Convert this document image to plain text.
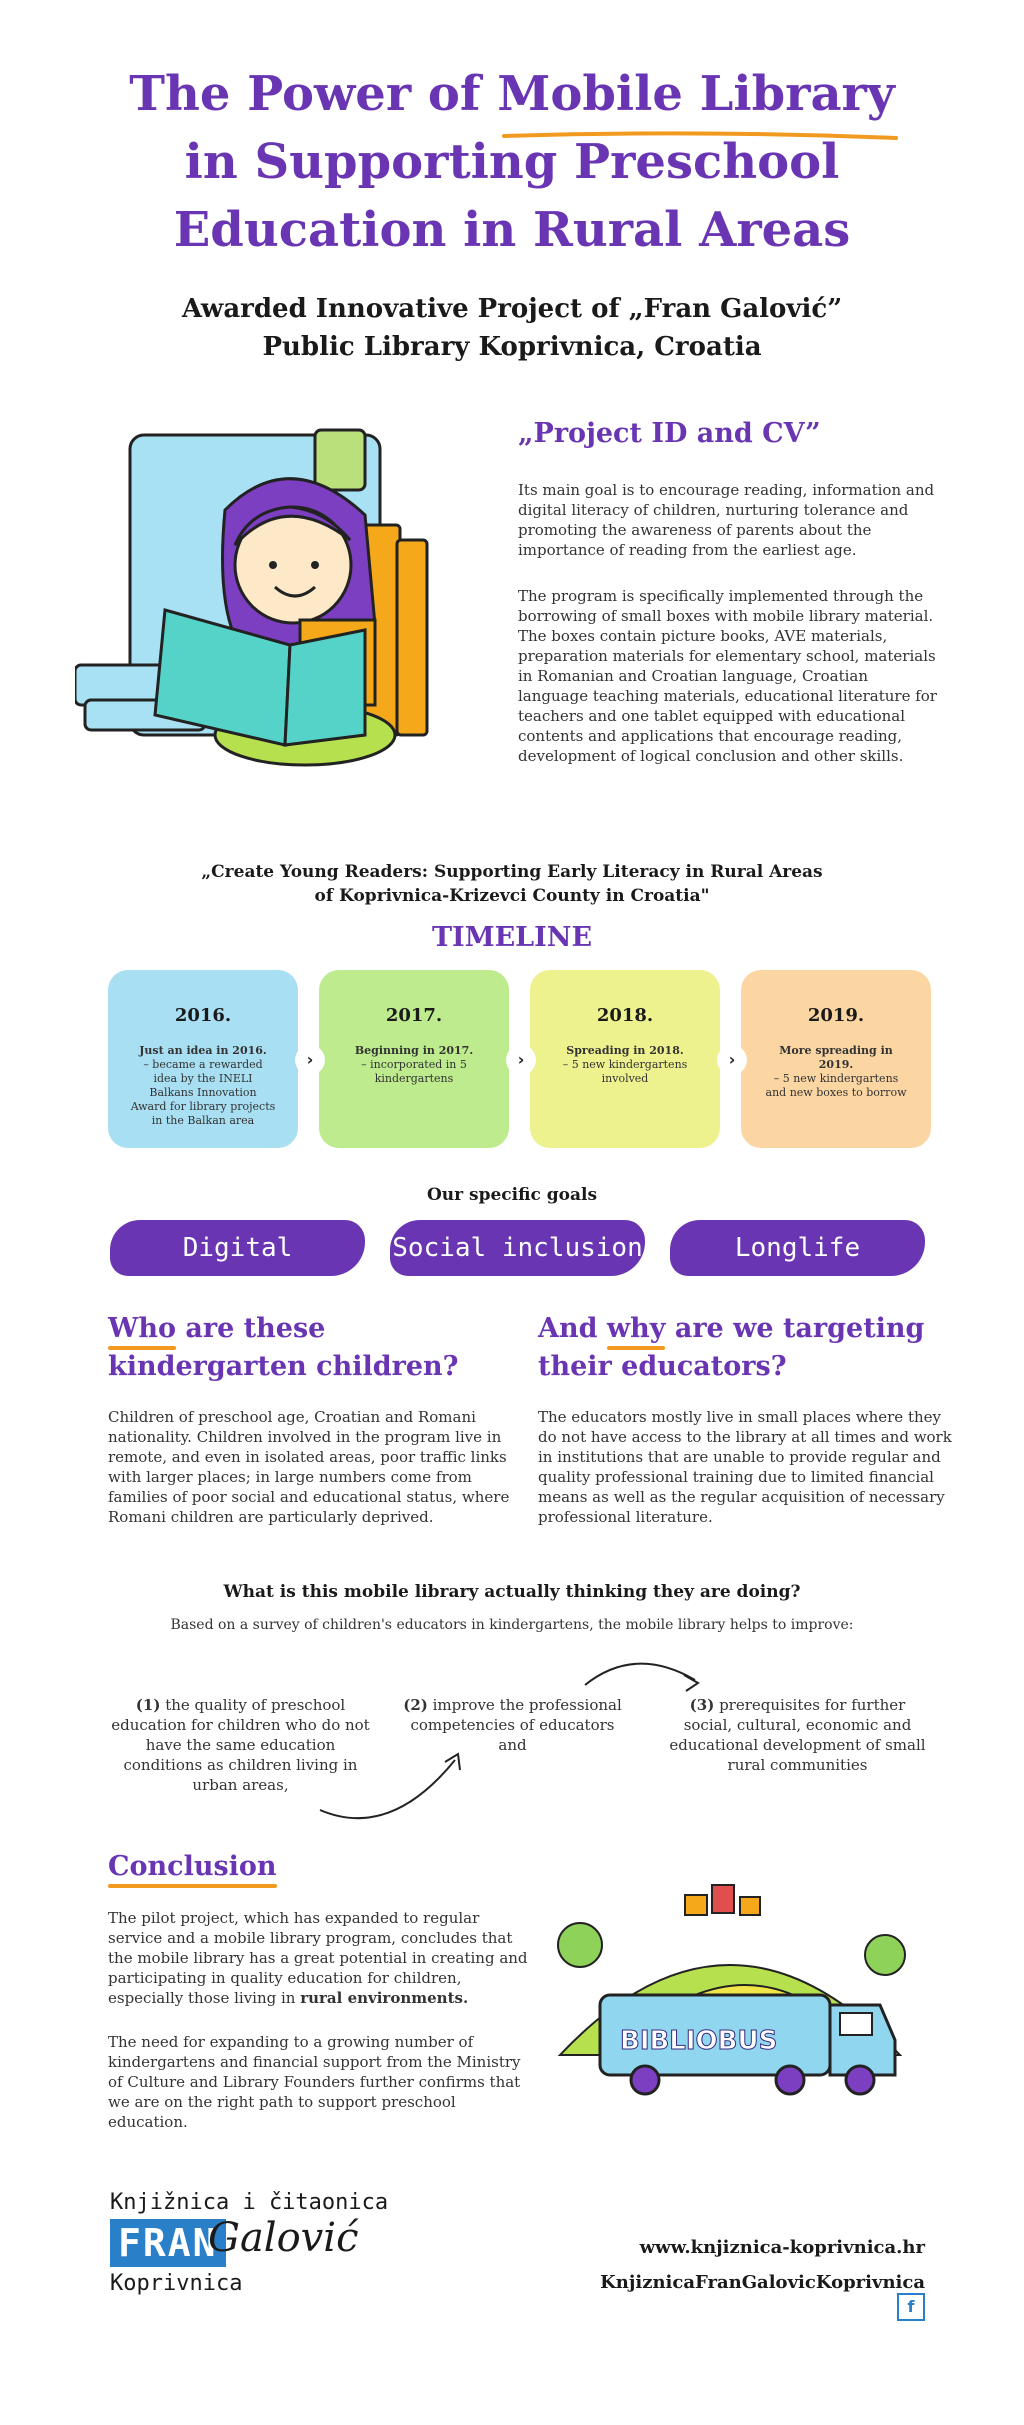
The Power of Mobile Library
in Supporting Preschool
Education in Rural Areas
Awarded Innovative Project of „Fran Galović”
Public Library Koprivnica, Croatia
„Project ID and CV”
Its main goal is to encourage reading, information and digital literacy of children, nurturing tolerance and promoting the awareness of parents about the importance of reading from the earliest age.
The program is specifically implemented through the borrowing of small boxes with mobile library material. The boxes contain picture books, AVE materials, preparation materials for elementary school, materials in Romanian and Croatian language, Croatian language teaching materials, educational literature for teachers and one tablet equipped with educational contents and applications that encourage reading, development of logical conclusion and other skills.
„Create Young Readers: Supporting Early Literacy in Rural Areas
of Koprivnica-Krizevci County in Croatia"
TIMELINE
2016.
Just an idea in 2016.
– became a rewarded idea by the INELI Balkans Innovation Award for library projects in the Balkan area
2017.
Beginning in 2017.
– incorporated in 5 kindergartens
2018.
Spreading in 2018.
– 5 new kindergartens involved
2019.
More spreading in 2019.
– 5 new kindergartens and new boxes to borrow
›	›	›
Our specific goals
Digital inclusion
Social inclusion	Longlife learning
Who are these
kindergarten children?
Children of preschool age, Croatian and Romani nationality. Children involved in the program live in remote, and even in isolated areas, poor traffic links with larger places; in large numbers come from families of poor social and educational status, where Romani children are particularly deprived.
And why are we targeting
their educators?
The educators mostly live in small places where they do not have access to the library at all times and work in institutions that are unable to provide regular and quality professional training due to limited financial means as well as the regular acquisition of necessary professional literature.
What is this mobile library actually thinking they are doing?
Based on a survey of children's educators in kindergartens, the mobile library helps to improve:
(1) the quality of preschool education for children who do not have the same education conditions as children living in urban areas,
(2) improve the professional competencies of educators and
(3) prerequisites for further social, cultural, economic and educational development of small rural communities
Conclusion
The pilot project, which has expanded to regular service and a mobile library program, concludes that the mobile library has a great potential in creating and participating in quality education for children, especially those living in rural environments.
The need for expanding to a growing number of kindergartens and financial support from the Ministry of Culture and Library Founders further confirms that we are on the right path to support preschool education.
BIBLIOBUS
Knjižnica i čitaonica
FRAN
Galović
Koprivnica
www.knjiznica-koprivnica.hr
KnjiznicaFranGalovicKoprivnica f
